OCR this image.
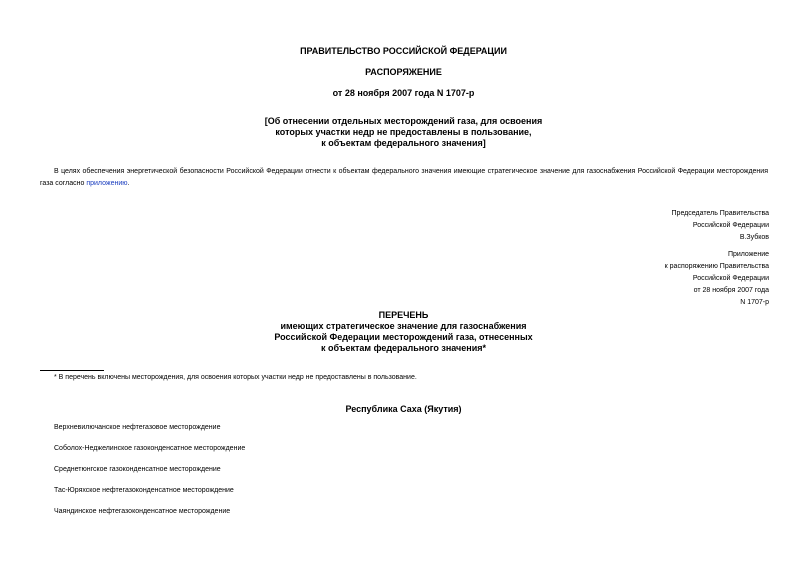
ПРАВИТЕЛЬСТВО РОССИЙСКОЙ ФЕДЕРАЦИИ
РАСПОРЯЖЕНИЕ
от 28 ноября 2007 года N 1707-р
[Об отнесении отдельных месторождений газа, для освоения
которых участки недр не предоставлены в пользование,
к объектам федерального значения]
В целях обеспечения энергетической безопасности Российской Федерации отнести к объектам федерального значения имеющие стратегическое значение для газоснабжения Российской Федерации месторождения газа согласно приложению.
Председатель Правительства
Российской Федерации
В.Зубков
Приложение
к распоряжению Правительства
Российской Федерации
от 28 ноября 2007 года
N 1707-р
ПЕРЕЧЕНЬ
имеющих стратегическое значение для газоснабжения
Российской Федерации месторождений газа, отнесенных
к объектам федерального значения*
* В перечень включены месторождения, для освоения которых участки недр не предоставлены в пользование.
Республика Саха (Якутия)
Верхневилючанское нефтегазовое месторождение
Соболох-Неджелинское газоконденсатное месторождение
Среднетюнгское газоконденсатное месторождение
Тас-Юряхское нефтегазоконденсатное месторождение
Чаяндинское нефтегазоконденсатное месторождение
